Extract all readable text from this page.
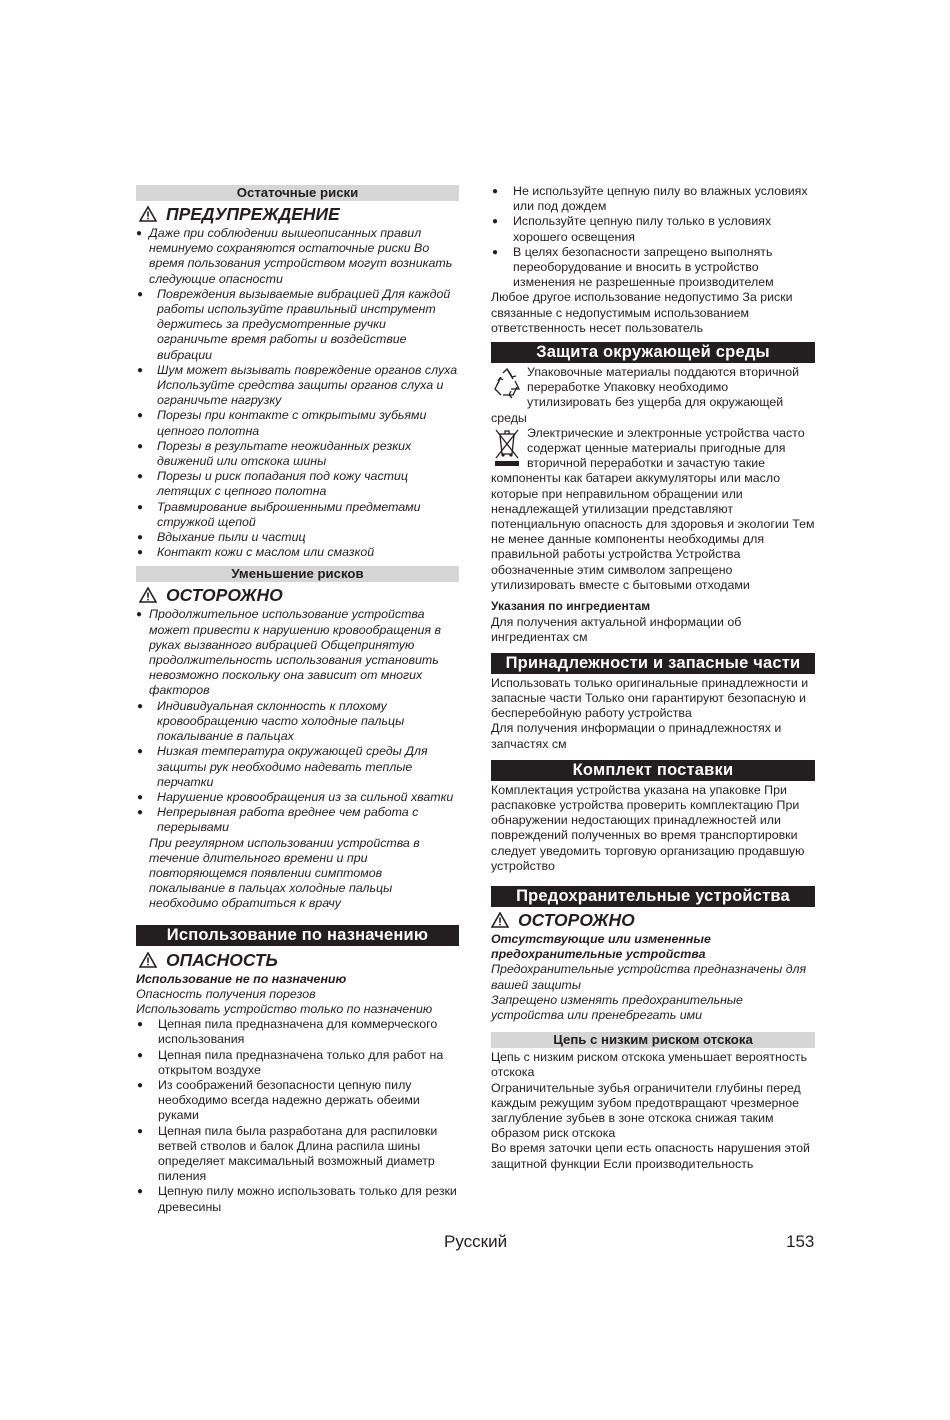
Остаточные риски
ПРЕДУПРЕЖДЕНИЕ

● Даже при соблюдении вышеописанных правил неминуемо сохраняются остаточные риски Во время пользования устройством могут возникать следующие опасности

● Повреждения вызываемые вибрацией Для каждой работы используйте правильный инструмент держитесь за предусмотренные ручки ограничьте время работы и воздействие вибрации
● Шум может вызывать повреждение органов слуха Используйте средства защиты органов слуха и ограничьте нагрузку
● Порезы при контакте с открытыми зубьями цепного полотна
● Порезы в результате неожиданных резких движений или отскока шины
● Порезы и риск попадания под кожу частиц летящих с цепного полотна
● Травмирование выброшенными предметами стружкой щепой
● Вдыхание пыли и частиц
● Контакт кожи с маслом или смазкой
Уменьшение рисков
ОСТОРОЖНО

● Продолжительное использование устройства может привести к нарушению кровообращения в руках вызванного вибрацией Общепринятую продолжительность использования установить невозможно поскольку она зависит от многих факторов

● Индивидуальная склонность к плохому кровообращению часто холодные пальцы покалывание в пальцах
● Низкая температура окружающей среды Для защиты рук необходимо надевать теплые перчатки
● Нарушение кровообращения из за сильной хватки
● Непрерывная работа вреднее чем работа с перерывами

При регулярном использовании устройства в течение длительного времени и при повторяющемся появлении симптомов покалывание в пальцах холодные пальцы необходимо обратиться к врачу

Использование по назначению
ОПАСНОСТЬ

Использование не по назначению

Опасность получения порезов

Использовать устройство только по назначению

● Цепная пила предназначена для коммерческого использования
● Цепная пила предназначена только для работ на открытом воздухе
● Из соображений безопасности цепную пилу необходимо всегда надежно держать обеими руками
● Цепная пила была разработана для распиловки ветвей стволов и балок Длина распила шины определяет максимальный возможный диаметр пиления
● Цепную пилу можно использовать только для резки древесины
● Не используйте цепную пилу во влажных условиях или под дождем
● Используйте цепную пилу только в условиях хорошего освещения
● В целях безопасности запрещено выполнять переоборудование и вносить в устройство изменения не разрешенные производителем

Любое другое использование недопустимо За риски связанные с недопустимым использованием ответственность несет пользователь

Защита окружающей среды

Упаковочные материалы поддаются вторичной переработке Упаковку необходимо утилизировать без ущерба для окружающей среды

Электрические и электронные устройства часто содержат ценные материалы пригодные для вторичной переработки и зачастую такие компоненты как батареи аккумуляторы или масло которые при неправильном обращении или ненадлежащей утилизации представляют потенциальную опасность для здоровья и экологии Тем не менее данные компоненты необходимы для правильной работы устройства Устройства обозначенные этим символом запрещено утилизировать вместе с бытовыми отходами

Указания по ингредиентам

Для получения актуальной информации об ингредиентах см

Принадлежности и запасные части

Использовать только оригинальные принадлежности и запасные части Только они гарантируют безопасную и бесперебойную работу устройства

Для получения информации о принадлежностях и запчастях см

Комплект поставки

Комплектация устройства указана на упаковке При распаковке устройства проверить комплектацию При обнаружении недостающих принадлежностей или повреждений полученных во время транспортировки следует уведомить торговую организацию продавшую устройство

Предохранительные устройства
ОСТОРОЖНО

Отсутствующие или измененные предохранительные устройства

Предохранительные устройства предназначены для вашей защиты

Запрещено изменять предохранительные устройства или пренебрегать ими

Цепь с низким риском отскока

Цепь с низким риском отскока уменьшает вероятность отскока

Ограничительные зубья ограничители глубины перед каждым режущим зубом предотвращают чрезмерное заглубление зубьев в зоне отскока снижая таким образом риск отскока

Во время заточки цепи есть опасность нарушения этой защитной функции Если производительность

Русский	153
